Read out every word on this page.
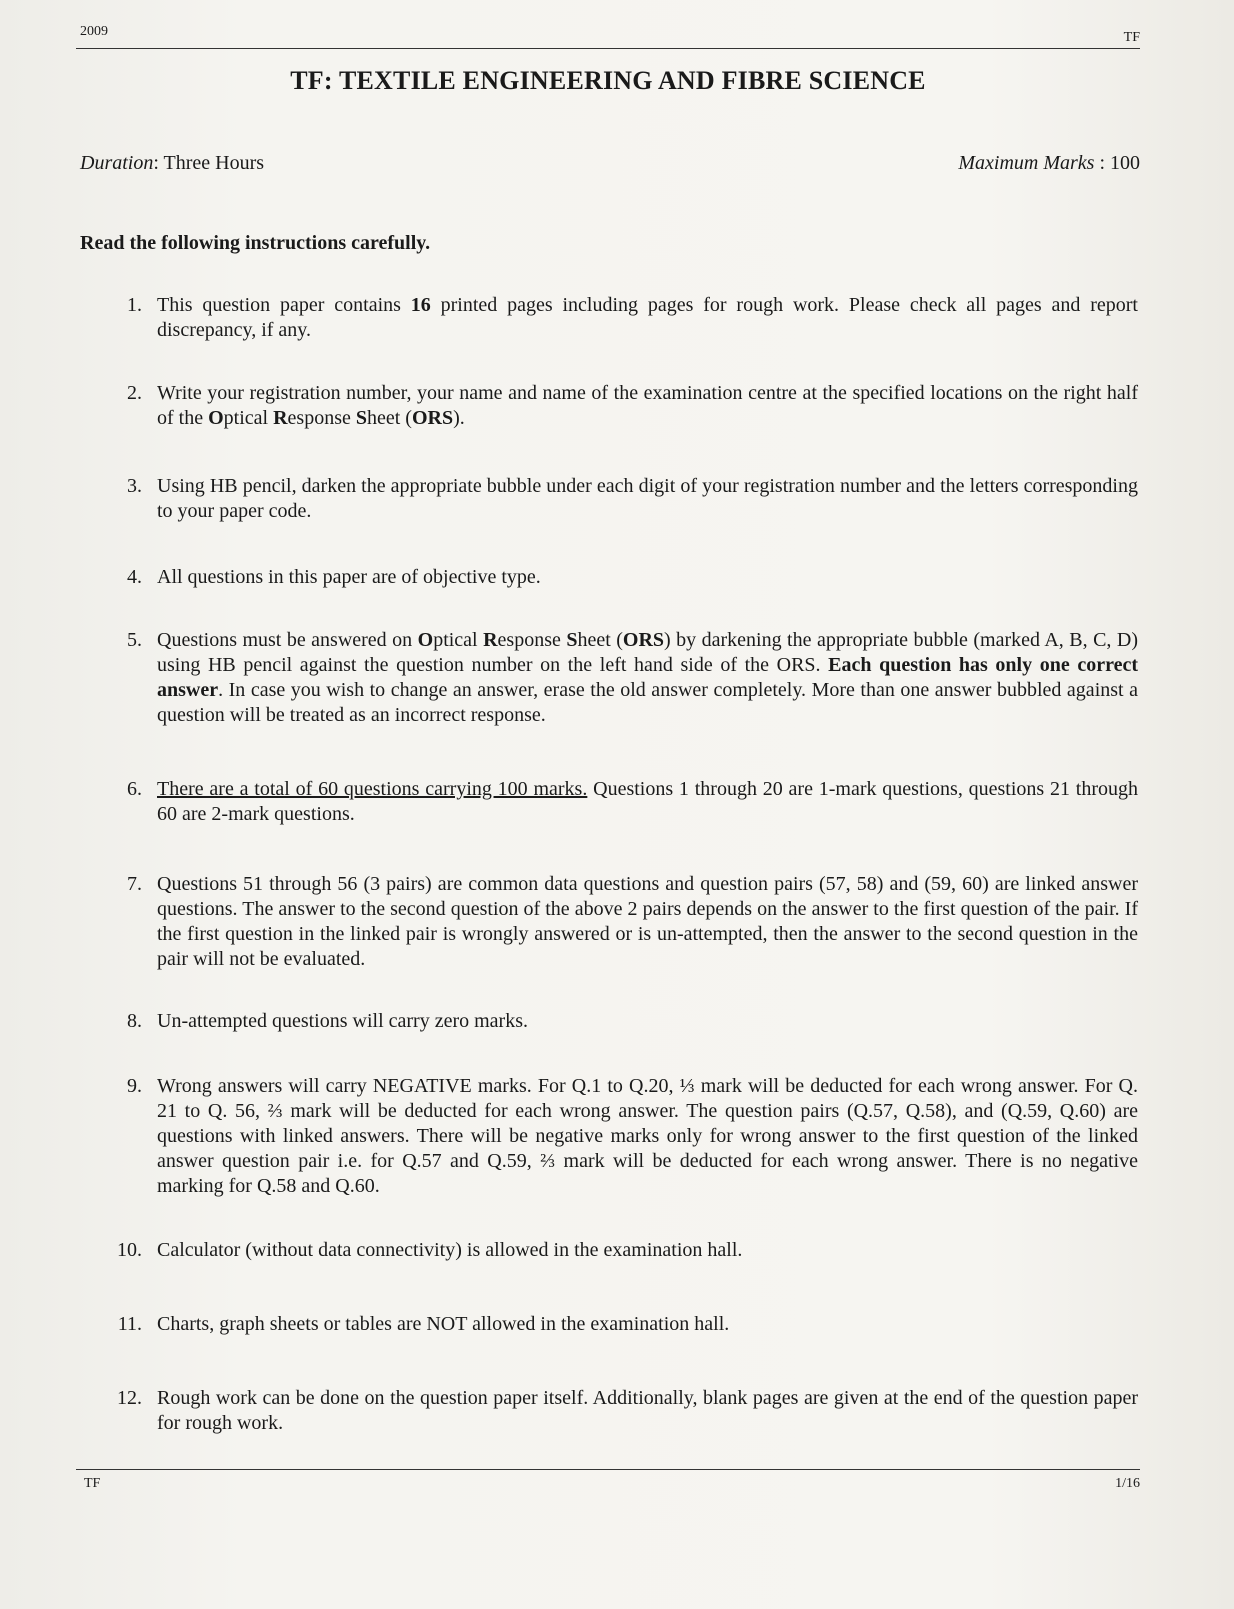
2009	TF
TF: TEXTILE ENGINEERING AND FIBRE SCIENCE
Duration: Three Hours	Maximum Marks : 100
Read the following instructions carefully.
1. This question paper contains 16 printed pages including pages for rough work. Please check all pages and report discrepancy, if any.
2. Write your registration number, your name and name of the examination centre at the specified locations on the right half of the Optical Response Sheet (ORS).
3. Using HB pencil, darken the appropriate bubble under each digit of your registration number and the letters corresponding to your paper code.
4. All questions in this paper are of objective type.
5. Questions must be answered on Optical Response Sheet (ORS) by darkening the appropriate bubble (marked A, B, C, D) using HB pencil against the question number on the left hand side of the ORS. Each question has only one correct answer. In case you wish to change an answer, erase the old answer completely. More than one answer bubbled against a question will be treated as an incorrect response.
6. There are a total of 60 questions carrying 100 marks. Questions 1 through 20 are 1-mark questions, questions 21 through 60 are 2-mark questions.
7. Questions 51 through 56 (3 pairs) are common data questions and question pairs (57, 58) and (59, 60) are linked answer questions. The answer to the second question of the above 2 pairs depends on the answer to the first question of the pair. If the first question in the linked pair is wrongly answered or is un-attempted, then the answer to the second question in the pair will not be evaluated.
8. Un-attempted questions will carry zero marks.
9. Wrong answers will carry NEGATIVE marks. For Q.1 to Q.20, ⅓ mark will be deducted for each wrong answer. For Q. 21 to Q. 56, ⅔ mark will be deducted for each wrong answer. The question pairs (Q.57, Q.58), and (Q.59, Q.60) are questions with linked answers. There will be negative marks only for wrong answer to the first question of the linked answer question pair i.e. for Q.57 and Q.59, ⅔ mark will be deducted for each wrong answer. There is no negative marking for Q.58 and Q.60.
10. Calculator (without data connectivity) is allowed in the examination hall.
11. Charts, graph sheets or tables are NOT allowed in the examination hall.
12. Rough work can be done on the question paper itself. Additionally, blank pages are given at the end of the question paper for rough work.
TF	1/16
